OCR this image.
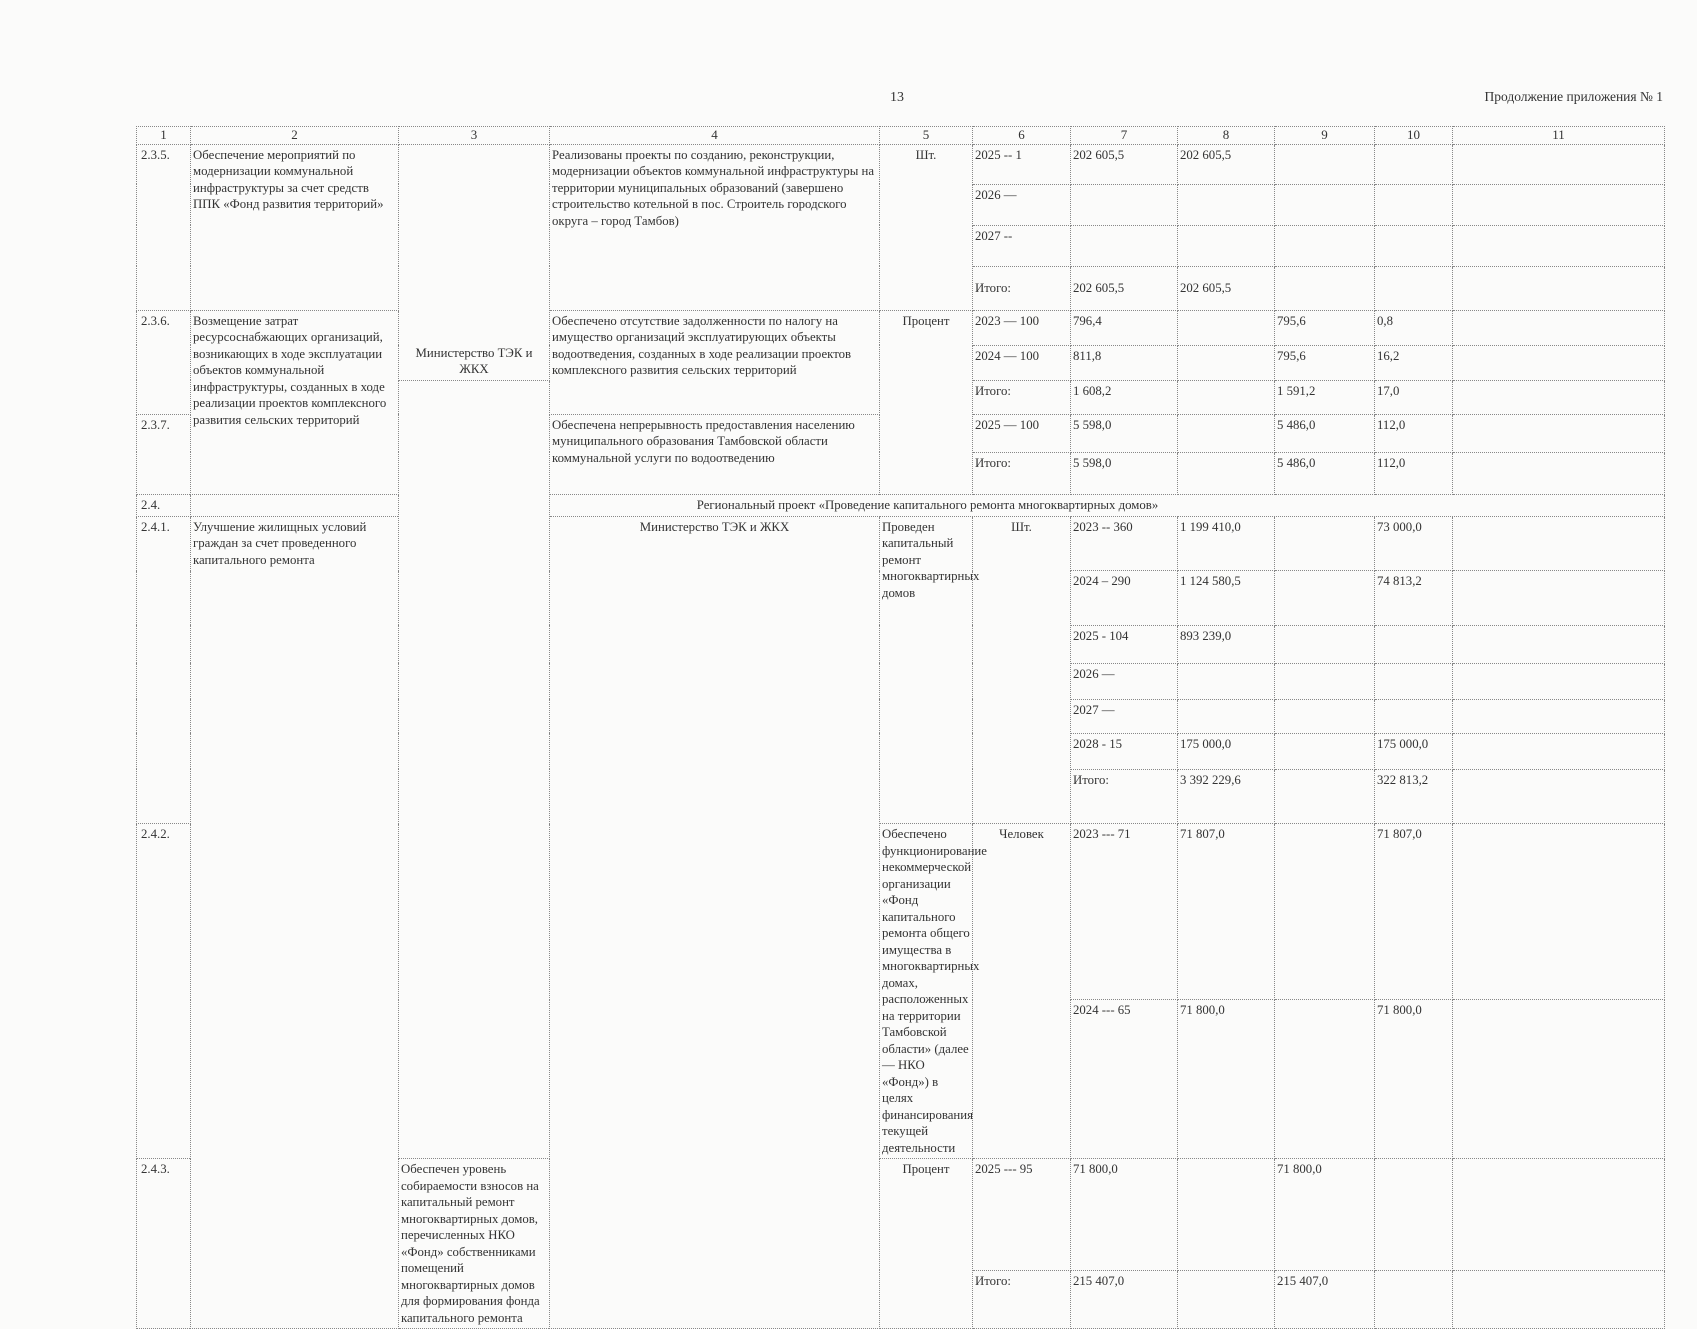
13	Продолжение приложения № 1
1	2	3	4	5	6	7	8	9	10	11	
2.3.5.	Обеспечение мероприятий по модернизации коммунальной инфраструктуры за счет средств ППК «Фонд развития территорий»	Министерство ТЭК и ЖКХ	Реализованы проекты по созданию, реконструкции, модернизации объектов коммунальной инфраструктуры на территории муниципальных образований (завершено строительство котельной в пос. Строитель городского округа – город Тамбов)	Шт.	2025 -- 1	202 605,5	202 605,5				
					2026 —						
					2027 --						
					Итого:	202 605,5	202 605,5				
2.3.6.	Возмещение затрат ресурсоснабжающих организаций, возникающих в ходе эксплуатации объектов коммунальной инфраструктуры, созданных в ходе реализации проектов комплексного развития сельских территорий		Обеспечено отсутствие задолженности по налогу на имущество организаций эксплуатирующих объекты водоотведения, созданных в ходе реализации проектов комплексного развития сельских территорий	Процент	2023 — 100	796,4		795,6	0,8		
					2024 — 100	811,8		795,6	16,2		
					Итого:	1 608,2		1 591,2	17,0		
2.3.7.			Обеспечена непрерывность предоставления населению муниципального образования Тамбовской области коммунальной услуги по водоотведению		2025 — 100	5 598,0		5 486,0	112,0		
					Итого:	5 598,0		5 486,0	112,0		
2.4.	Региональный проект «Проведение капитального ремонта многоквартирных домов»										
2.4.1.	Улучшение жилищных условий граждан за счет проведенного капитального ремонта		Министерство ТЭК и ЖКХ	Проведен капитальный ремонт многоквартирных домов	Шт.	2023 -- 360	1 199 410,0		73 000,0		
						2024 – 290	1 124 580,5		74 813,2		
						2025 - 104	893 239,0				
						2026 —					
						2027 —					
						2028 - 15	175 000,0		175 000,0		
						Итого:	3 392 229,6		322 813,2		
2.4.2.				Обеспечено функционирование некоммерческой организации «Фонд капитального ремонта общего имущества в многоквартирных домах, расположенных на территории Тамбовской области» (далее — НКО «Фонд») в целях финансирования текущей деятельности	Человек	2023 --- 71	71 807,0		71 807,0		
						2024 --- 65	71 800,0		71 800,0		
2.4.3.		Обеспечен уровень собираемости взносов на капитальный ремонт многоквартирных домов, перечисленных НКО «Фонд» собственниками помещений многоквартирных домов для формирования фонда капитального ремонта		Процент	2025 --- 95	71 800,0		71 800,0			
					Итого:	215 407,0		215 407,0			
